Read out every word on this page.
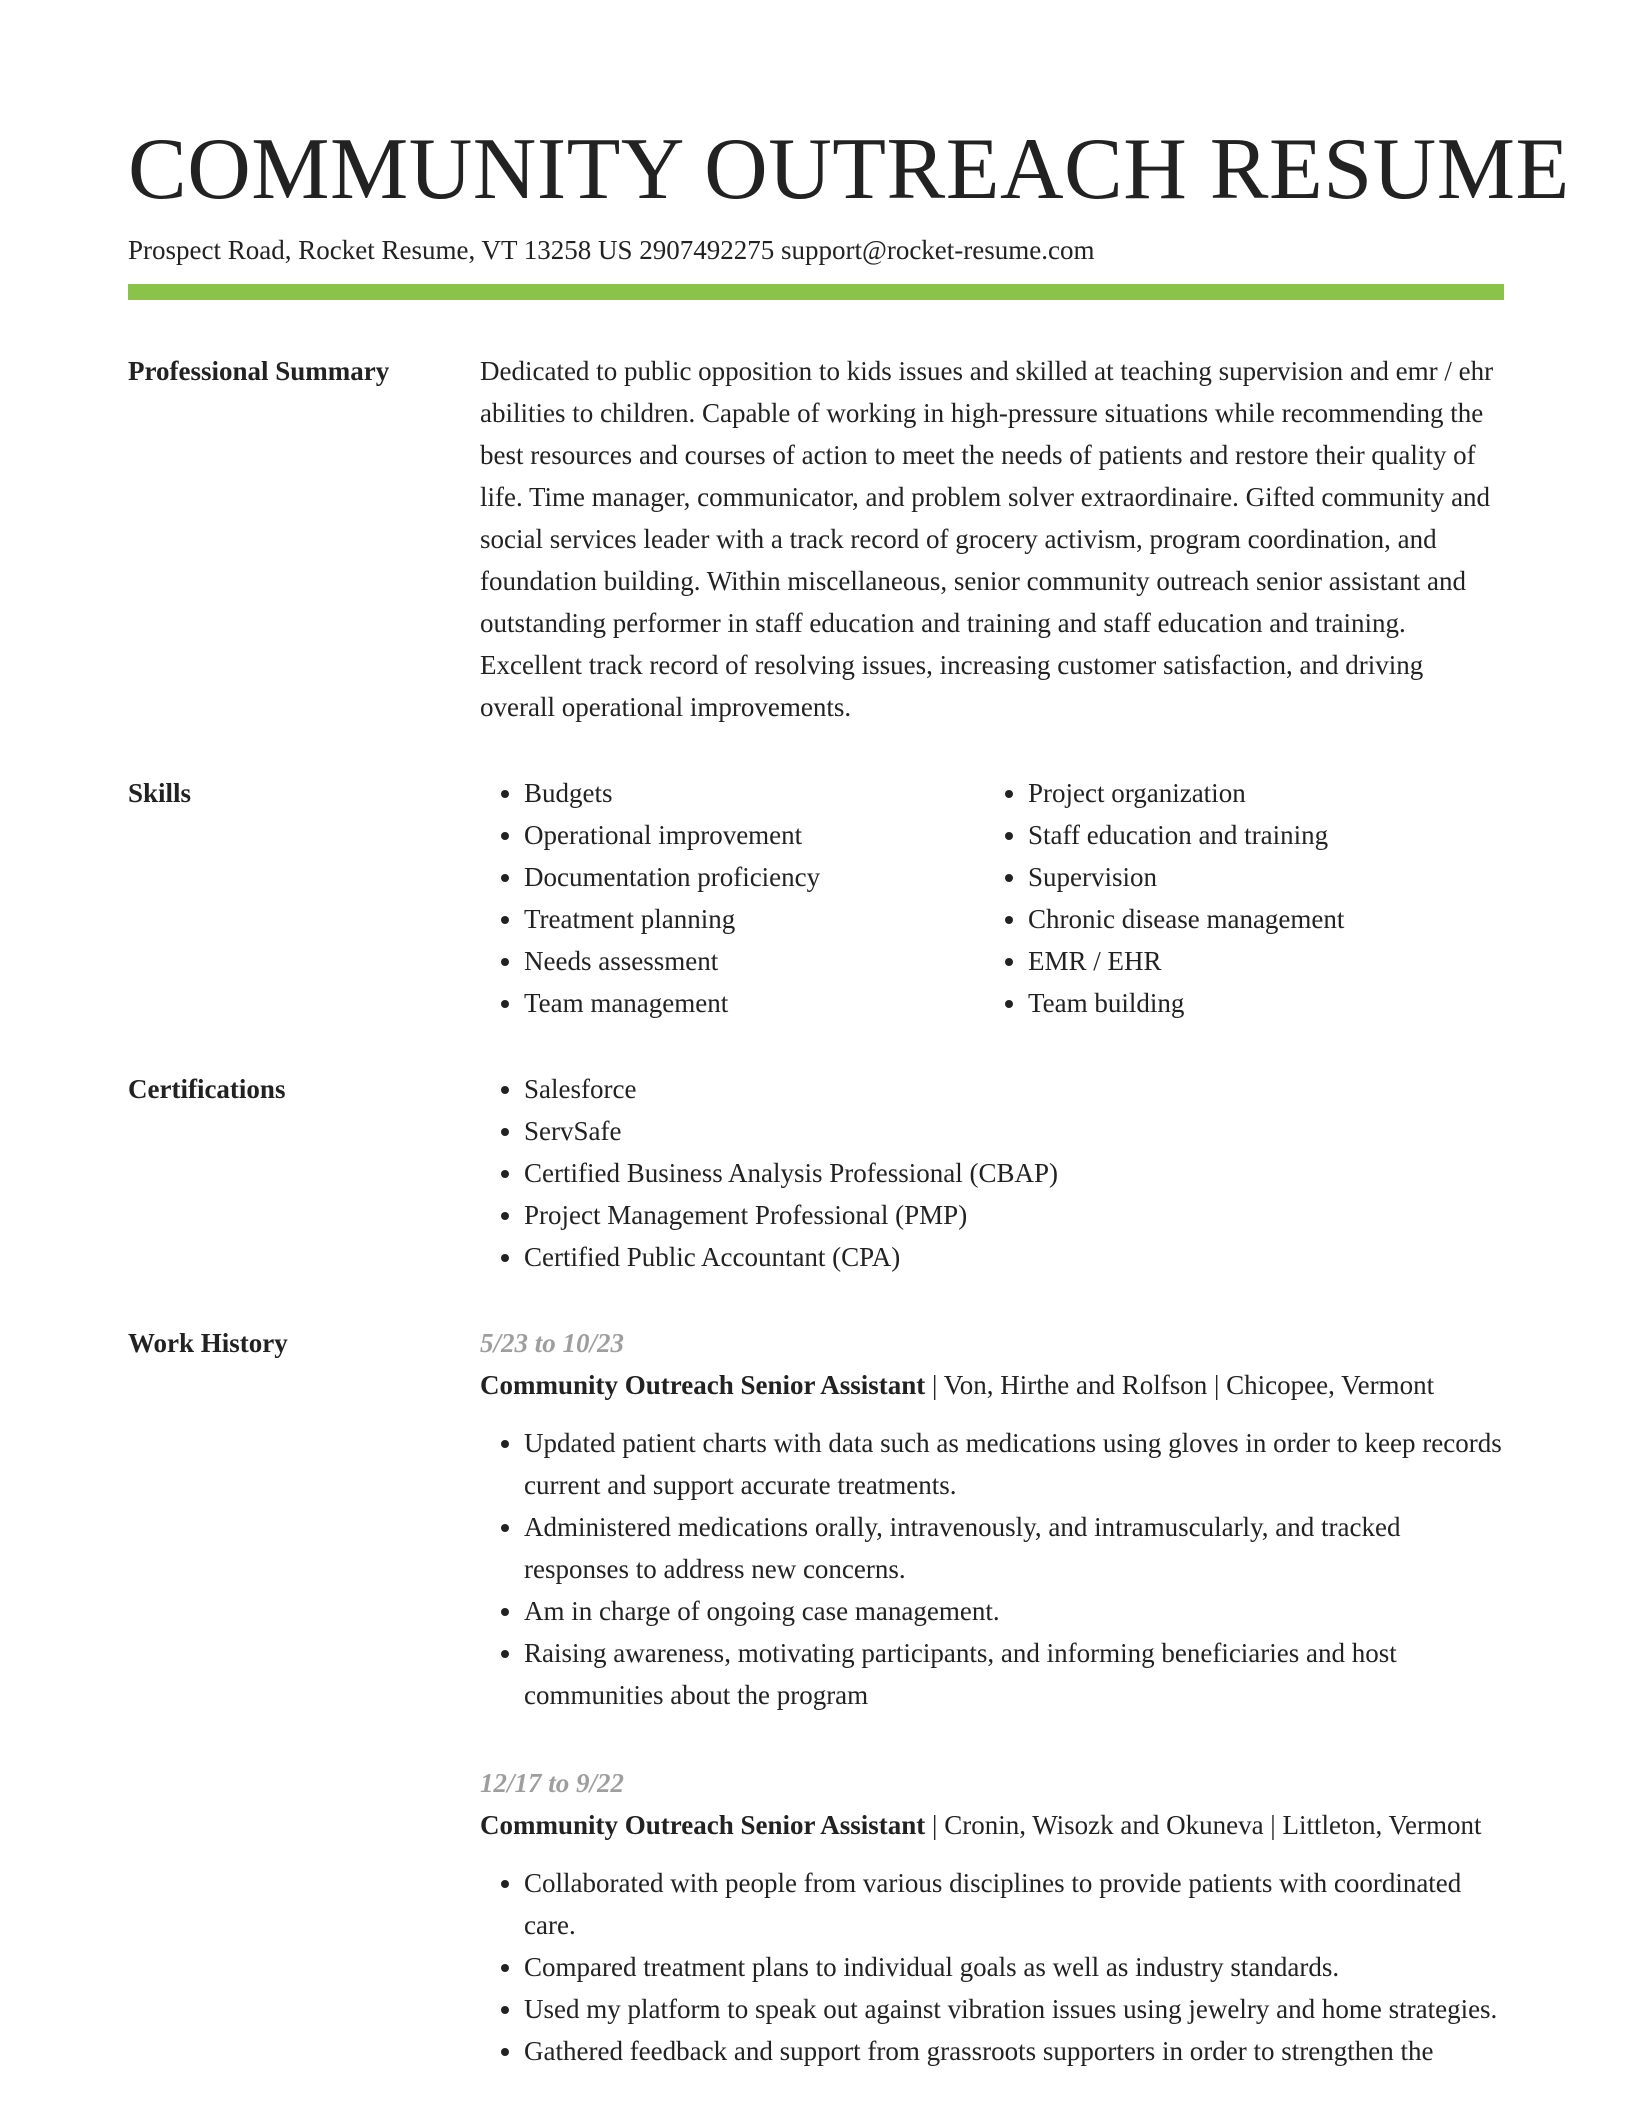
COMMUNITY OUTREACH RESUME
Prospect Road, Rocket Resume, VT 13258 US 2907492275 support@rocket-resume.com
Professional Summary	Dedicated to public opposition to kids issues and skilled at teaching supervision and emr / ehr abilities to children. Capable of working in high-pressure situations while recommending the best resources and courses of action to meet the needs of patients and restore their quality of life. Time manager, communicator, and problem solver extraordinaire. Gifted community and social services leader with a track record of grocery activism, program coordination, and foundation building. Within miscellaneous, senior community outreach senior assistant and outstanding performer in staff education and training and staff education and training. Excellent track record of resolving issues, increasing customer satisfaction, and driving overall operational improvements.

Skills	• Budgets
• Operational improvement
• Documentation proficiency
• Treatment planning
• Needs assessment
• Team management
• Project organization
• Staff education and training
• Supervision
• Chronic disease management
• EMR / EHR
• Team building
Certifications	• Salesforce
• ServSafe
• Certified Business Analysis Professional (CBAP)
• Project Management Professional (PMP)
• Certified Public Accountant (CPA)
Work History	5/23 to 10/23
Community Outreach Senior Assistant | Von, Hirthe and Rolfson | Chicopee, Vermont
• Updated patient charts with data such as medications using gloves in order to keep records current and support accurate treatments.
• Administered medications orally, intravenously, and intramuscularly, and tracked responses to address new concerns.
• Am in charge of ongoing case management.
• Raising awareness, motivating participants, and informing beneficiaries and host communities about the program
12/17 to 9/22
Community Outreach Senior Assistant | Cronin, Wisozk and Okuneva | Littleton, Vermont
• Collaborated with people from various disciplines to provide patients with coordinated care.
• Compared treatment plans to individual goals as well as industry standards.
• Used my platform to speak out against vibration issues using jewelry and home strategies.
• Gathered feedback and support from grassroots supporters in order to strengthen the
